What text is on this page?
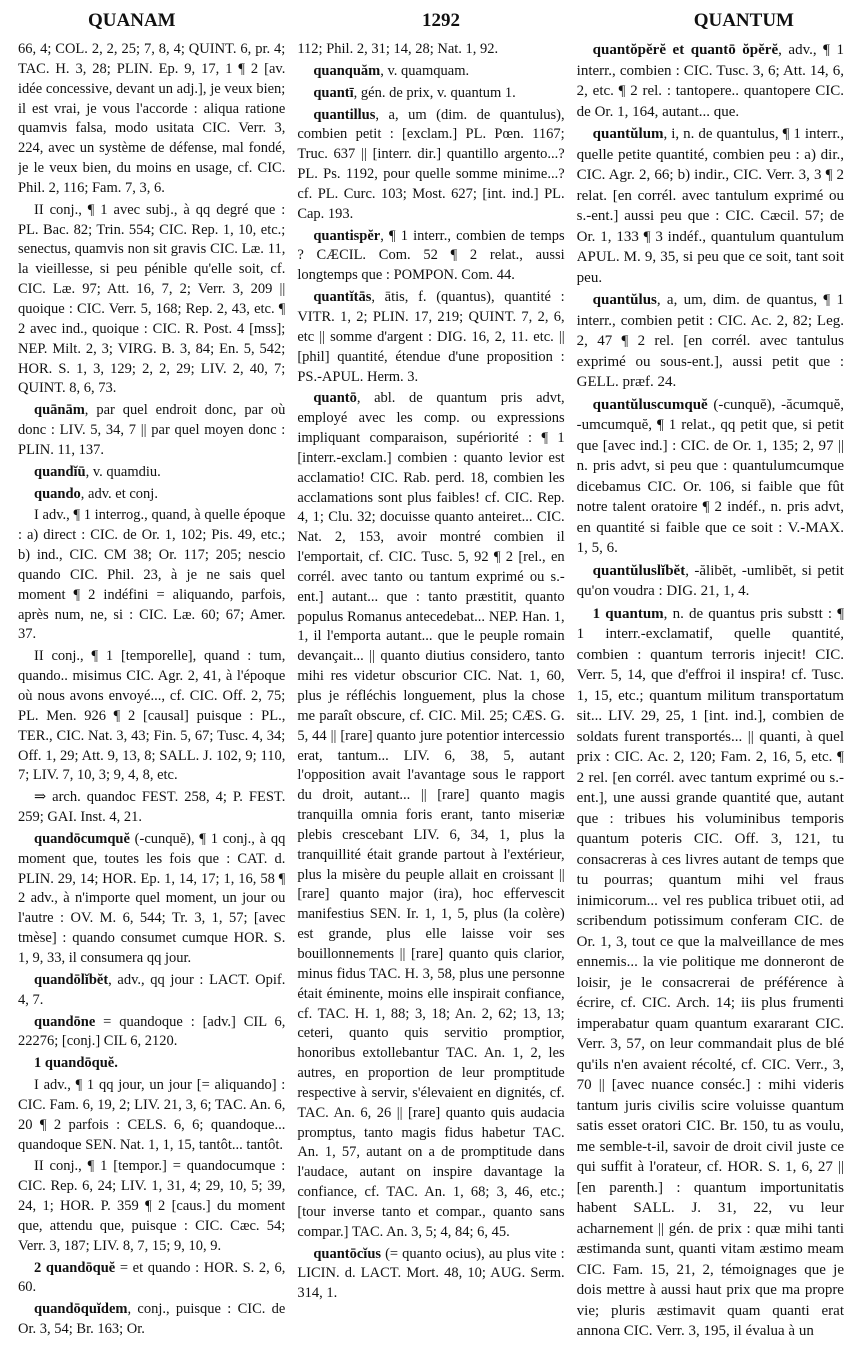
QUANAM	1292	QUANTUM

66, 4; COL. 2, 2, 25; 7, 8, 4; QUINT. 6, pr. 4; TAC. H. 3, 28; PLIN. Ep. 9, 17, 1 ¶ 2 [av. idée concessive, devant un adj.], je veux bien; il est vrai, je vous l'accorde : aliqua ratione quamvis falsa, modo usitata CIC. Verr. 3, 224, avec un système de défense, mal fondé, je le veux bien, du moins en usage, cf. CIC. Phil. 2, 116; Fam. 7, 3, 6.

II conj., ¶ 1 avec subj., à qq degré que : PL. Bac. 82; Trin. 554; CIC. Rep. 1, 10, etc.; senectus, quamvis non sit gravis CIC. Læ. 11, la vieillesse, si peu pénible qu'elle soit, cf. CIC. Læ. 97; Att. 16, 7, 2; Verr. 3, 209 || quoique : CIC. Verr. 5, 168; Rep. 2, 43, etc. ¶ 2 avec ind., quoique : CIC. R. Post. 4 [mss]; NEP. Milt. 2, 3; VIRG. B. 3, 84; En. 5, 542; HOR. S. 1, 3, 129; 2, 2, 29; LIV. 2, 40, 7; QUINT. 8, 6, 73.

quānām, par quel endroit donc, par où donc : LIV. 5, 34, 7 || par quel moyen donc : PLIN. 11, 137.

quandĭū, v. quamdiu.

quando, adv. et conj.

I adv., ¶ 1 interrog., quand, à quelle époque : a) direct : CIC. de Or. 1, 102; Pis. 49, etc.; b) ind., CIC. CM 38; Or. 117; 205; nescio quando CIC. Phil. 23, à je ne sais quel moment ¶ 2 indéfini = aliquando, parfois, après num, ne, si : CIC. Læ. 60; 67; Amer. 37.

II conj., ¶ 1 [temporelle], quand : tum, quando.. misimus CIC. Agr. 2, 41, à l'époque où nous avons envoyé..., cf. CIC. Off. 2, 75; PL. Men. 926 ¶ 2 [causal] puisque : PL., TER., CIC. Nat. 3, 43; Fin. 5, 67; Tusc. 4, 34; Off. 1, 29; Att. 9, 13, 8; SALL. J. 102, 9; 110, 7; LIV. 7, 10, 3; 9, 4, 8, etc.

⇒ arch. quandoc FEST. 258, 4; P. FEST. 259; GAI. Inst. 4, 21.

quandōcumquĕ (-cunquĕ), ¶ 1 conj., à qq moment que, toutes les fois que : CAT. d. PLIN. 29, 14; HOR. Ep. 1, 14, 17; 1, 16, 58 ¶ 2 adv., à n'importe quel moment, un jour ou l'autre : OV. M. 6, 544; Tr. 3, 1, 57; [avec tmèse] : quando consumet cumque HOR. S. 1, 9, 33, il consumera qq jour.

quandōlĭbĕt, adv., qq jour : LACT. Opif. 4, 7.

quandōne = quandoque : [adv.] CIL 6, 22276; [conj.] CIL 6, 2120.

1 quandōquĕ.

I adv., ¶ 1 qq jour, un jour [= aliquando] : CIC. Fam. 6, 19, 2; LIV. 21, 3, 6; TAC. An. 6, 20 ¶ 2 parfois : CELS. 6, 6; quandoque... quandoque SEN. Nat. 1, 1, 15, tantôt... tantôt.

II conj., ¶ 1 [tempor.] = quandocumque : CIC. Rep. 6, 24; LIV. 1, 31, 4; 29, 10, 5; 39, 24, 1; HOR. P. 359 ¶ 2 [caus.] du moment que, attendu que, puisque : CIC. Cæc. 54; Verr. 3, 187; LIV. 8, 7, 15; 9, 10, 9.

2 quandōquĕ = et quando : HOR. S. 2, 6, 60.

quandōquĭdem, conj., puisque : CIC. de Or. 3, 54; Br. 163; Or.

112; Phil. 2, 31; 14, 28; Nat. 1, 92.

quanquăm, v. quamquam.

quantī, gén. de prix, v. quantum 1.

quantillus, a, um (dim. de quantulus), combien petit : [exclam.] PL. Pœn. 1167; Truc. 637 || [interr. dir.] quantillo argento...? PL. Ps. 1192, pour quelle somme minime...? cf. PL. Curc. 103; Most. 627; [int. ind.] PL. Cap. 193.

quantispĕr, ¶ 1 interr., combien de temps ? CÆCIL. Com. 52 ¶ 2 relat., aussi longtemps que : POMPON. Com. 44.

quantĭtās, ātis, f. (quantus), quantité : VITR. 1, 2; PLIN. 17, 219; QUINT. 7, 2, 6, etc || somme d'argent : DIG. 16, 2, 11. etc. || [phil] quantité, étendue d'une proposition : PS.-APUL. Herm. 3.

quantō, abl. de quantum pris advt, employé avec les comp. ou expressions impliquant comparaison, supériorité : ¶ 1 [interr.-exclam.] combien : quanto levior est acclamatio! CIC. Rab. perd. 18, combien les acclamations sont plus faibles! cf. CIC. Rep. 4, 1; Clu. 32; docuisse quanto anteiret... CIC. Nat. 2, 153, avoir montré combien il l'emportait, cf. CIC. Tusc. 5, 92 ¶ 2 [rel., en corrél. avec tanto ou tantum exprimé ou s.-ent.] autant... que : tanto præstitit, quanto populus Romanus antecedebat... NEP. Han. 1, 1, il l'emporta autant... que le peuple romain devançait... || quanto diutius considero, tanto mihi res videtur obscurior CIC. Nat. 1, 60, plus je réfléchis longuement, plus la chose me paraît obscure, cf. CIC. Mil. 25; CÆS. G. 5, 44 || [rare] quanto jure potentior intercessio erat, tantum... LIV. 6, 38, 5, autant l'opposition avait l'avantage sous le rapport du droit, autant... || [rare] quanto magis tranquilla omnia foris erant, tanto miseriæ plebis crescebant LIV. 6, 34, 1, plus la tranquillité était grande partout à l'extérieur, plus la misère du peuple allait en croissant || [rare] quanto major (ira), hoc effervescit manifestius SEN. Ir. 1, 1, 5, plus (la colère) est grande, plus elle laisse voir ses bouillonnements || [rare] quanto quis clarior, minus fidus TAC. H. 3, 58, plus une personne était éminente, moins elle inspirait confiance, cf. TAC. H. 1, 88; 3, 18; An. 2, 62; 13, 13; ceteri, quanto quis servitio promptior, honoribus extollebantur TAC. An. 1, 2, les autres, en proportion de leur promptitude respective à servir, s'élevaient en dignités, cf. TAC. An. 6, 26 || [rare] quanto quis audacia promptus, tanto magis fidus habetur TAC. An. 1, 57, autant on a de promptitude dans l'audace, autant on inspire davantage la confiance, cf. TAC. An. 1, 68; 3, 46, etc.; [tour inverse tanto et compar., quanto sans compar.] TAC. An. 3, 5; 4, 84; 6, 45.

quantōcĭus (= quanto ocius), au plus vite : LICIN. d. LACT. Mort. 48, 10; AUG. Serm. 314, 1.

quantŏpĕrĕ et quantō ŏpĕrĕ, adv., ¶ 1 interr., combien : CIC. Tusc. 3, 6; Att. 14, 6, 2, etc. ¶ 2 rel. : tantopere.. quantopere CIC. de Or. 1, 164, autant... que.

quantŭlum, i, n. de quantulus, ¶ 1 interr., quelle petite quantité, combien peu : a) dir., CIC. Agr. 2, 66; b) indir., CIC. Verr. 3, 3 ¶ 2 relat. [en corrél. avec tantulum exprimé ou s.-ent.] aussi peu que : CIC. Cæcil. 57; de Or. 1, 133 ¶ 3 indéf., quantulum quantulum APUL. M. 9, 35, si peu que ce soit, tant soit peu.

quantŭlus, a, um, dim. de quantus, ¶ 1 interr., combien petit : CIC. Ac. 2, 82; Leg. 2, 47 ¶ 2 rel. [en corrél. avec tantulus exprimé ou sous-ent.], aussi petit que : GELL. præf. 24.

quantŭluscumquĕ (-cunquĕ), -ăcumquĕ, -umcumquĕ, ¶ 1 relat., qq petit que, si petit que [avec ind.] : CIC. de Or. 1, 135; 2, 97 || n. pris advt, si peu que : quantulumcumque dicebamus CIC. Or. 106, si faible que fût notre talent oratoire ¶ 2 indéf., n. pris advt, en quantité si faible que ce soit : V.-MAX. 1, 5, 6.

quantŭluslĭbĕt, -ălibĕt, -umlibĕt, si petit qu'on voudra : DIG. 21, 1, 4.

1 quantum, n. de quantus pris substt : ¶ 1 interr.-exclamatif, quelle quantité, combien : quantum terroris injecit! CIC. Verr. 5, 14, que d'effroi il inspira! cf. Tusc. 1, 15, etc.; quantum militum transportatum sit... LIV. 29, 25, 1 [int. ind.], combien de soldats furent transportés... || quanti, à quel prix : CIC. Ac. 2, 120; Fam. 2, 16, 5, etc. ¶ 2 rel. [en corrél. avec tantum exprimé ou s.-ent.], une aussi grande quantité que, autant que : tribues his voluminibus temporis quantum poteris CIC. Off. 3, 121, tu consacreras à ces livres autant de temps que tu pourras; quantum mihi vel fraus inimicorum... vel res publica tribuet otii, ad scribendum potissimum conferam CIC. de Or. 1, 3, tout ce que la malveillance de mes ennemis... la vie politique me donneront de loisir, je le consacrerai de préférence à écrire, cf. CIC. Arch. 14; iis plus frumenti imperabatur quam quantum exararant CIC. Verr. 3, 57, on leur commandait plus de blé qu'ils n'en avaient récolté, cf. CIC. Verr., 3, 70 || [avec nuance conséc.] : mihi videris tantum juris civilis scire voluisse quantum satis esset oratori CIC. Br. 150, tu as voulu, me semble-t-il, savoir de droit civil juste ce qui suffit à l'orateur, cf. HOR. S. 1, 6, 27 || [en parenth.] : quantum importunitatis habent SALL. J. 31, 22, vu leur acharnement || gén. de prix : quæ mihi tanti æstimanda sunt, quanti vitam æstimo meam CIC. Fam. 15, 21, 2, témoignages que je dois mettre à aussi haut prix que ma propre vie; pluris æstimavit quam quanti erat annona CIC. Verr. 3, 195, il évalua à un
